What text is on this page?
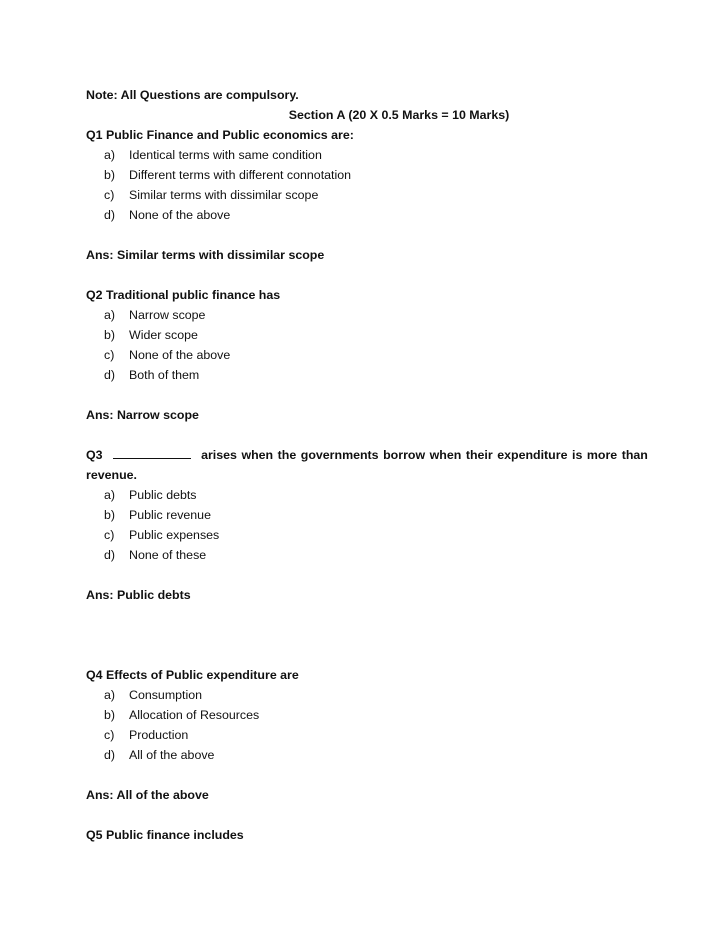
Note: All Questions are compulsory.
Section A (20 X 0.5 Marks = 10 Marks)
Q1 Public Finance and Public economics are:
a) Identical terms with same condition
b) Different terms with different connotation
c) Similar terms with dissimilar scope
d) None of the above
Ans: Similar terms with dissimilar scope
Q2 Traditional public finance has
a) Narrow scope
b) Wider scope
c) None of the above
d) Both of them
Ans: Narrow scope
Q3	arises when the governments borrow when their expenditure is more than
revenue.
a) Public debts
b) Public revenue
c) Public expenses
d) None of these
Ans: Public debts
Q4 Effects of Public expenditure are
a) Consumption
b) Allocation of Resources
c) Production
d) All of the above
Ans: All of the above
Q5 Public finance includes
